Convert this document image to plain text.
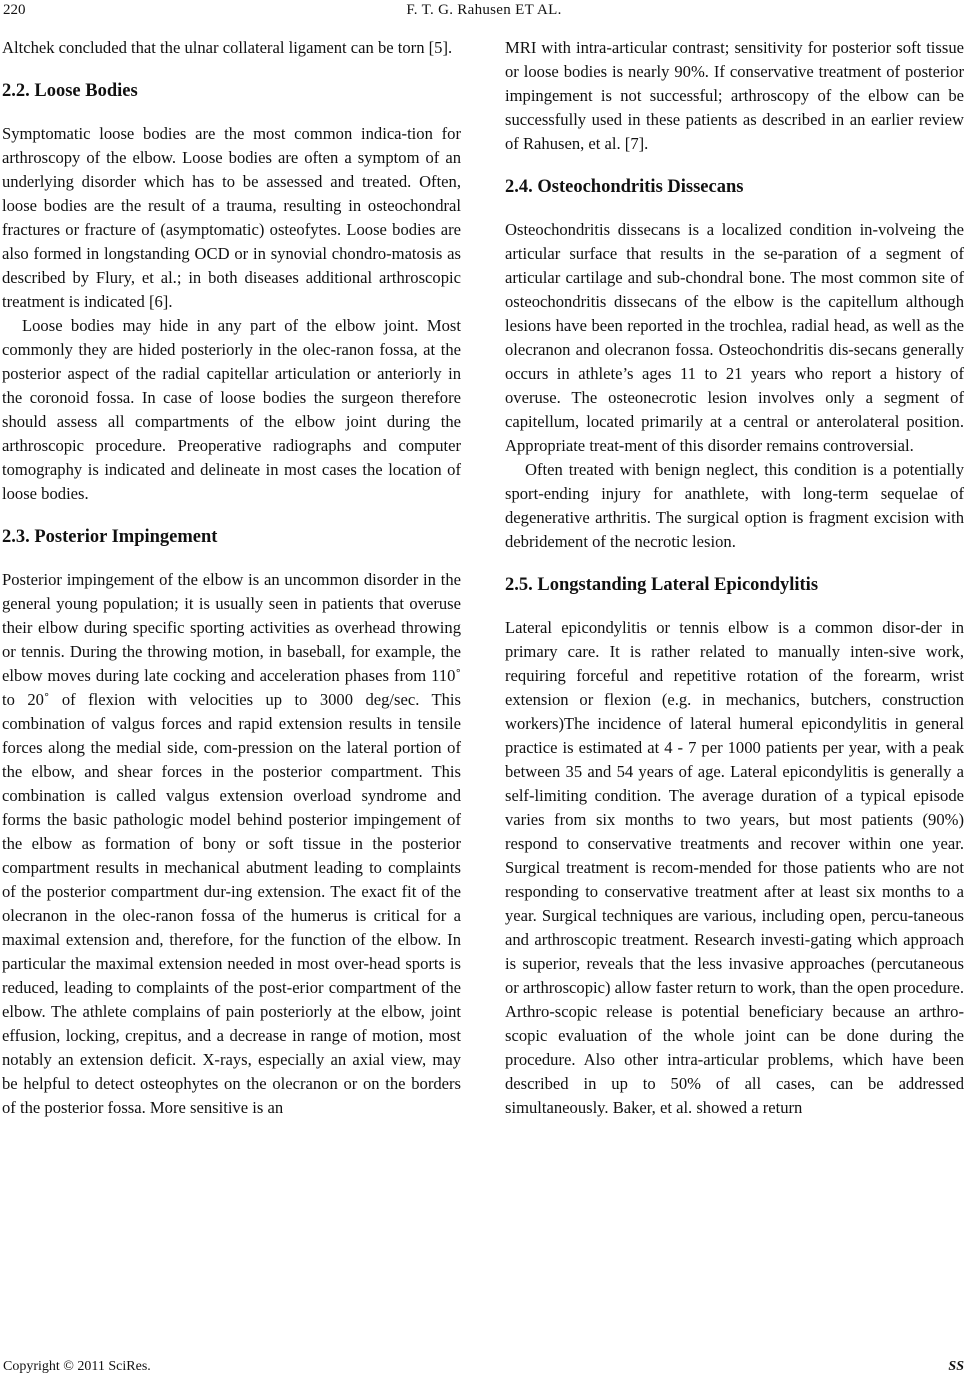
220	F. T. G. Rahusen ET AL.

Altchek concluded that the ulnar collateral ligament can be torn [5].

2.2. Loose Bodies

Symptomatic loose bodies are the most common indica-tion for arthroscopy of the elbow. Loose bodies are often a symptom of an underlying disorder which has to be assessed and treated. Often, loose bodies are the result of a trauma, resulting in osteochondral fractures or fracture of (asymptomatic) osteofytes. Loose bodies are also formed in longstanding OCD or in synovial chondro-matosis as described by Flury, et al.; in both diseases additional arthroscopic treatment is indicated [6].

Loose bodies may hide in any part of the elbow joint. Most commonly they are hided posteriorly in the olec-ranon fossa, at the posterior aspect of the radial capitellar articulation or anteriorly in the coronoid fossa. In case of loose bodies the surgeon therefore should assess all compartments of the elbow joint during the arthroscopic procedure. Preoperative radiographs and computer tomography is indicated and delineate in most cases the location of loose bodies.

2.3. Posterior Impingement

Posterior impingement of the elbow is an uncommon disorder in the general young population; it is usually seen in patients that overuse their elbow during specific sporting activities as overhead throwing or tennis. During the throwing motion, in baseball, for example, the elbow moves during late cocking and acceleration phases from 110˚ to 20˚ of flexion with velocities up to 3000 deg/sec. This combination of valgus forces and rapid extension results in tensile forces along the medial side, com-pression on the lateral portion of the elbow, and shear forces in the posterior compartment. This combination is called valgus extension overload syndrome and forms the basic pathologic model behind posterior impingement of the elbow as formation of bony or soft tissue in the posterior compartment results in mechanical abutment leading to complaints of the posterior compartment dur-ing extension. The exact fit of the olecranon in the olec-ranon fossa of the humerus is critical for a maximal extension and, therefore, for the function of the elbow. In particular the maximal extension needed in most over-head sports is reduced, leading to complaints of the post-erior compartment of the elbow. The athlete complains of pain posteriorly at the elbow, joint effusion, locking, crepitus, and a decrease in range of motion, most notably an extension deficit. X-rays, especially an axial view, may be helpful to detect osteophytes on the olecranon or on the borders of the posterior fossa. More sensitive is an

MRI with intra-articular contrast; sensitivity for posterior soft tissue or loose bodies is nearly 90%. If conservative treatment of posterior impingement is not successful; arthroscopy of the elbow can be successfully used in these patients as described in an earlier review of Rahusen, et al. [7].

2.4. Osteochondritis Dissecans

Osteochondritis dissecans is a localized condition in-volveing the articular surface that results in the se-paration of a segment of articular cartilage and sub-chondral bone. The most common site of osteochondritis dissecans of the elbow is the capitellum although lesions have been reported in the trochlea, radial head, as well as the olecranon and olecranon fossa. Osteochondritis dis-secans generally occurs in athlete’s ages 11 to 21 years who report a history of overuse. The osteonecrotic lesion involves only a segment of capitellum, located primarily at a central or anterolateral position. Appropriate treat-ment of this disorder remains controversial.

Often treated with benign neglect, this condition is a potentially sport-ending injury for anathlete, with long-term sequelae of degenerative arthritis. The surgical option is fragment excision with debridement of the necrotic lesion.

2.5. Longstanding Lateral Epicondylitis

Lateral epicondylitis or tennis elbow is a common disor-der in primary care. It is rather related to manually inten-sive work, requiring forceful and repetitive rotation of the forearm, wrist extension or flexion (e.g. in mechanics, butchers, construction workers)The incidence of lateral humeral epicondylitis in general practice is estimated at 4 - 7 per 1000 patients per year, with a peak between 35 and 54 years of age. Lateral epicondylitis is generally a self-limiting condition. The average duration of a typical episode varies from six months to two years, but most patients (90%) respond to conservative treatments and recover within one year. Surgical treatment is recom-mended for those patients who are not responding to conservative treatment after at least six months to a year. Surgical techniques are various, including open, percu-taneous and arthroscopic treatment. Research investi-gating which approach is superior, reveals that the less invasive approaches (percutaneous or arthroscopic) allow faster return to work, than the open procedure. Arthro-scopic release is potential beneficiary because an arthro-scopic evaluation of the whole joint can be done during the procedure. Also other intra-articular problems, which have been described in up to 50% of all cases, can be addressed simultaneously. Baker, et al. showed a return

Copyright © 2011 SciRes.	SS
